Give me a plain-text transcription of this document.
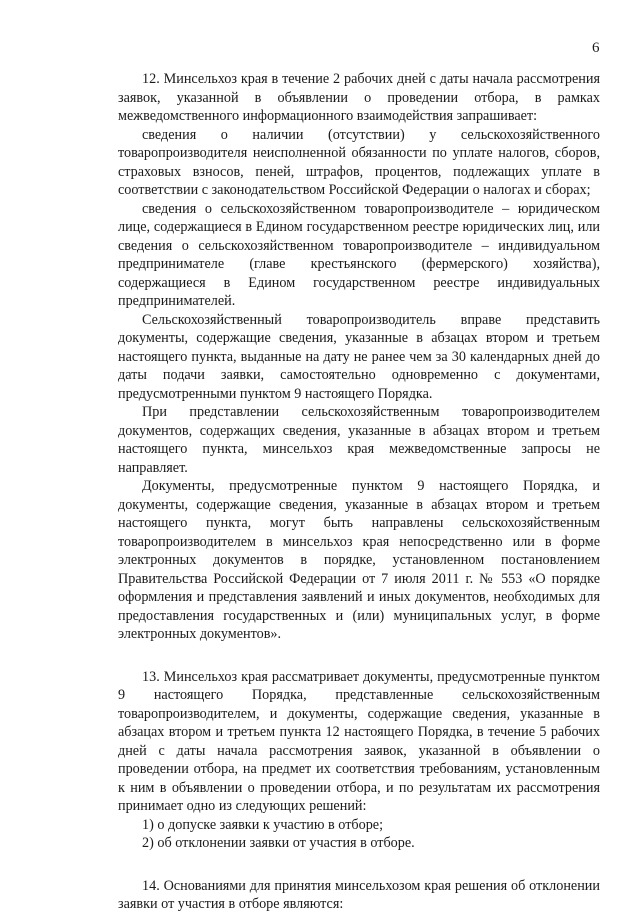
6

12. Минсельхоз края в течение 2 рабочих дней с даты начала рассмотрения заявок, указанной в объявлении о проведении отбора, в рамках межведомственного информационного взаимодействия запрашивает:

сведения о наличии (отсутствии) у сельскохозяйственного товаропроизводителя неисполненной обязанности по уплате налогов, сборов, страховых взносов, пеней, штрафов, процентов, подлежащих уплате в соответствии с законодательством Российской Федерации о налогах и сборах;

сведения о сельскохозяйственном товаропроизводителе – юридическом лице, содержащиеся в Едином государственном реестре юридических лиц, или сведения о сельскохозяйственном товаропроизводителе – индивидуальном предпринимателе (главе крестьянского (фермерского) хозяйства), содержащиеся в Едином государственном реестре индивидуальных предпринимателей.

Сельскохозяйственный товаропроизводитель вправе представить документы, содержащие сведения, указанные в абзацах втором и третьем настоящего пункта, выданные на дату не ранее чем за 30 календарных дней до даты подачи заявки, самостоятельно одновременно с документами, предусмотренными пунктом 9 настоящего Порядка.

При представлении сельскохозяйственным товаропроизводителем документов, содержащих сведения, указанные в абзацах втором и третьем настоящего пункта, минсельхоз края межведомственные запросы не направляет.

Документы, предусмотренные пунктом 9 настоящего Порядка, и документы, содержащие сведения, указанные в абзацах втором и третьем настоящего пункта, могут быть направлены сельскохозяйственным товаропроизводителем в минсельхоз края непосредственно или в форме электронных документов в порядке, установленном постановлением Правительства Российской Федерации от 7 июля 2011 г. № 553 «О порядке оформления и представления заявлений и иных документов, необходимых для предоставления государственных и (или) муниципальных услуг, в форме электронных документов».

13. Минсельхоз края рассматривает документы, предусмотренные пунктом 9 настоящего Порядка, представленные сельскохозяйственным товаропроизводителем, и документы, содержащие сведения, указанные в абзацах втором и третьем пункта 12 настоящего Порядка, в течение 5 рабочих дней с даты начала рассмотрения заявок, указанной в объявлении о проведении отбора, на предмет их соответствия требованиям, установленным к ним в объявлении о проведении отбора, и по результатам их рассмотрения принимает одно из следующих решений:

1) о допуске заявки к участию в отборе;

2) об отклонении заявки от участия в отборе.

14. Основаниями для принятия минсельхозом края решения об отклонении заявки от участия в отборе являются:
